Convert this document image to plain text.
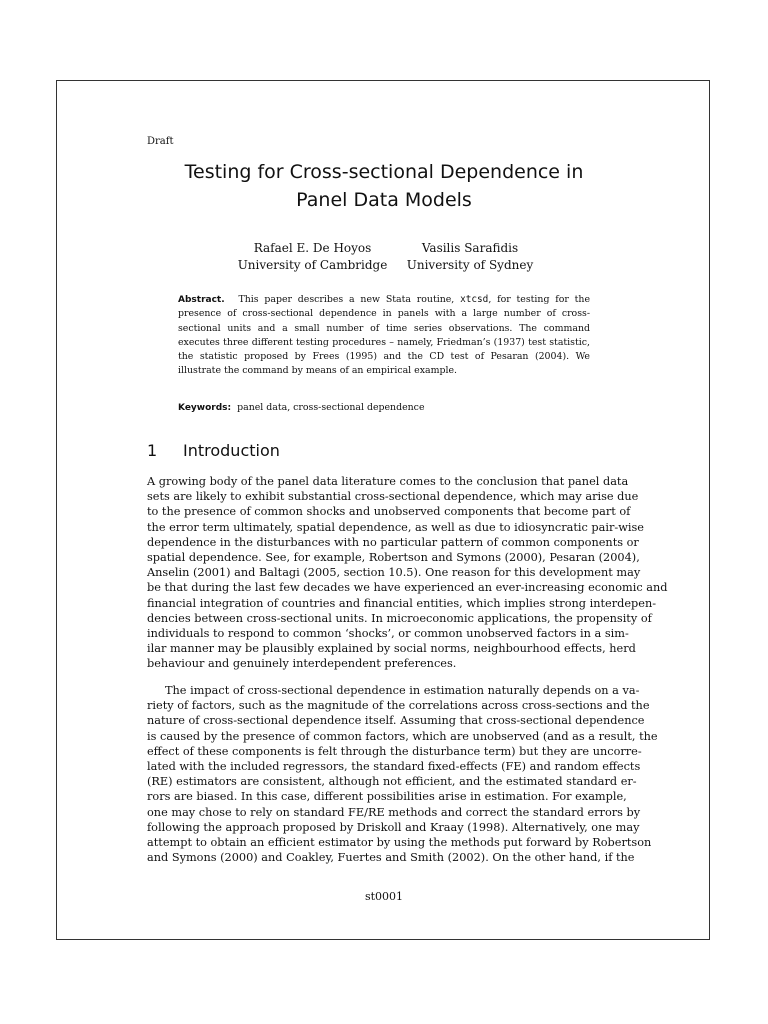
Draft
Testing for Cross-sectional Dependence in
Panel Data Models
Rafael E. De Hoyos
University of Cambridge
Vasilis Sarafidis
University of Sydney
Abstract. This paper describes a new Stata routine, xtcsd, for testing for the presence of cross-sectional dependence in panels with a large number of cross-sectional units and a small number of time series observations. The command executes three different testing procedures – namely, Friedman’s (1937) test statistic, the statistic proposed by Frees (1995) and the CD test of Pesaran (2004). We illustrate the command by means of an empirical example.
Keywords: panel data, cross-sectional dependence
1 Introduction
A growing body of the panel data literature comes to the conclusion that panel data
sets are likely to exhibit substantial cross-sectional dependence, which may arise due
to the presence of common shocks and unobserved components that become part of
the error term ultimately, spatial dependence, as well as due to idiosyncratic pair-wise
dependence in the disturbances with no particular pattern of common components or
spatial dependence. See, for example, Robertson and Symons (2000), Pesaran (2004),
Anselin (2001) and Baltagi (2005, section 10.5). One reason for this development may
be that during the last few decades we have experienced an ever-increasing economic and
financial integration of countries and financial entities, which implies strong interdepen-
dencies between cross-sectional units. In microeconomic applications, the propensity of
individuals to respond to common ‘shocks’, or common unobserved factors in a sim-
ilar manner may be plausibly explained by social norms, neighbourhood effects, herd
behaviour and genuinely interdependent preferences.
The impact of cross-sectional dependence in estimation naturally depends on a va-
riety of factors, such as the magnitude of the correlations across cross-sections and the
nature of cross-sectional dependence itself. Assuming that cross-sectional dependence
is caused by the presence of common factors, which are unobserved (and as a result, the
effect of these components is felt through the disturbance term) but they are uncorre-
lated with the included regressors, the standard fixed-effects (FE) and random effects
(RE) estimators are consistent, although not efficient, and the estimated standard er-
rors are biased. In this case, different possibilities arise in estimation. For example,
one may chose to rely on standard FE/RE methods and correct the standard errors by
following the approach proposed by Driskoll and Kraay (1998). Alternatively, one may
attempt to obtain an efficient estimator by using the methods put forward by Robertson
and Symons (2000) and Coakley, Fuertes and Smith (2002). On the other hand, if the
st0001
